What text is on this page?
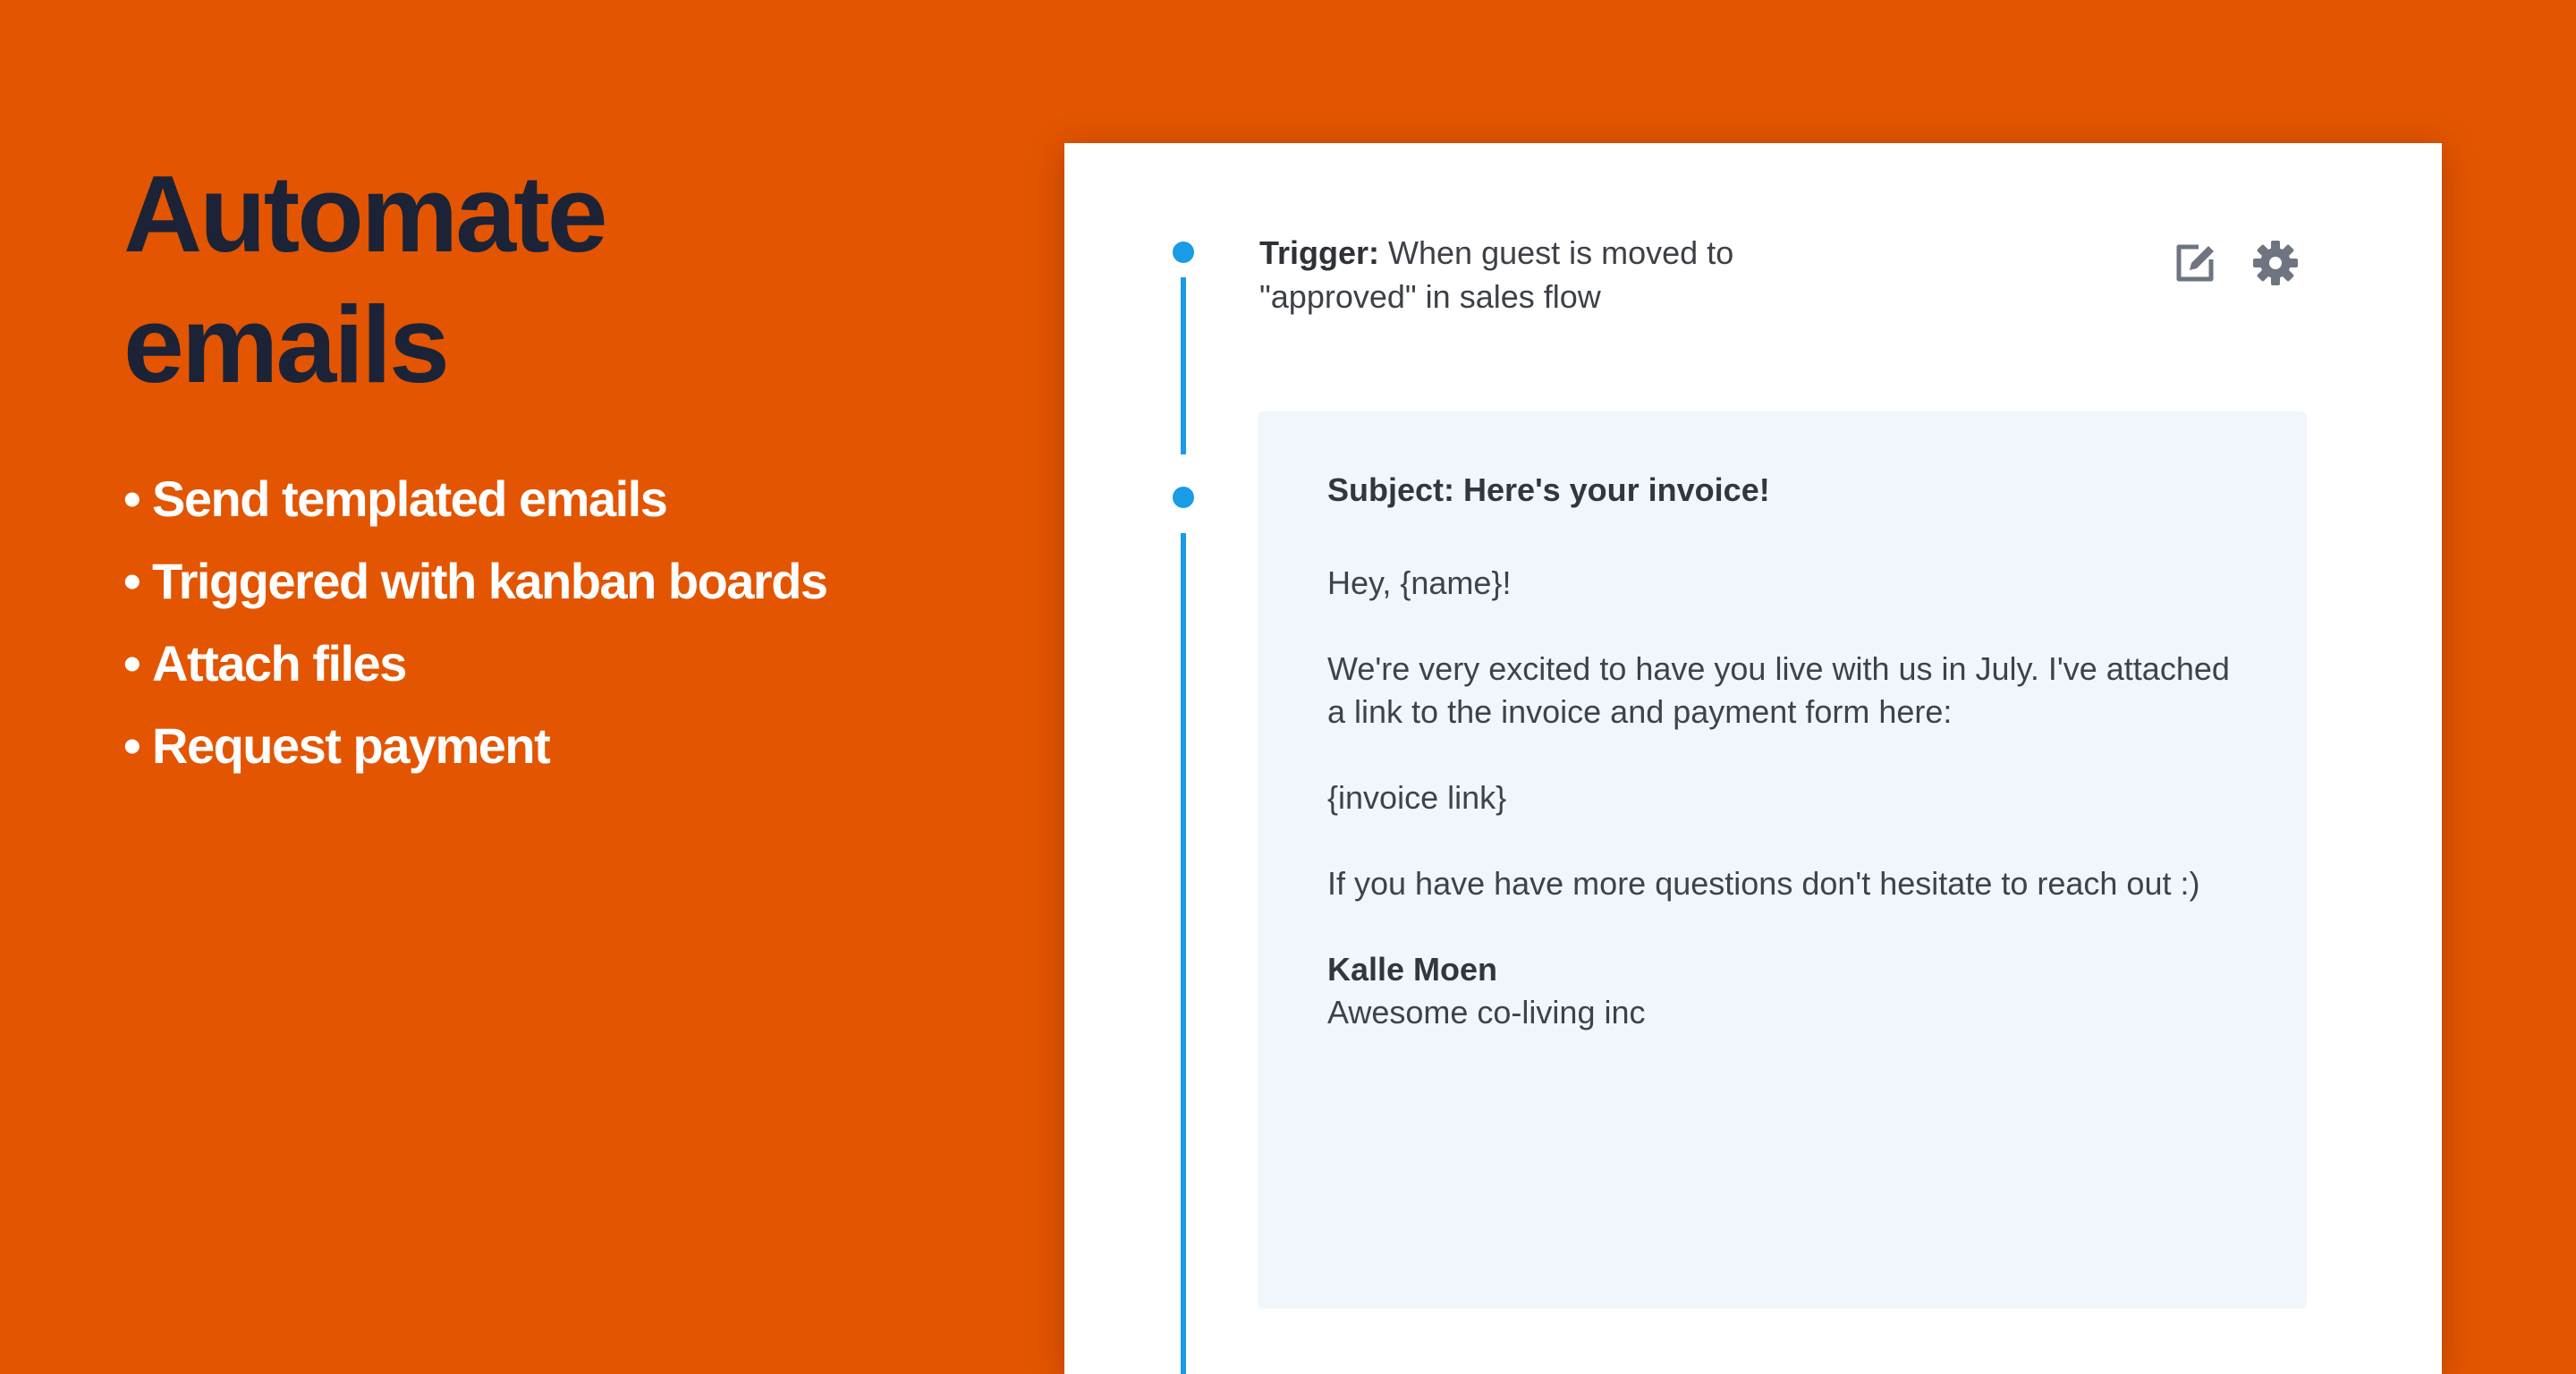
Automate
emails
• Send templated emails
• Triggered with kanban boards
• Attach files
• Request payment
Trigger: When guest is moved to "approved" in sales flow

Subject: Here's your invoice!

Hey, {name}!

We're very excited to have you live with us in July. I've attached a link to the invoice and payment form here:

{invoice link}

If you have have more questions don't hesitate to reach out :)

Kalle Moen

Awesome co-living inc
